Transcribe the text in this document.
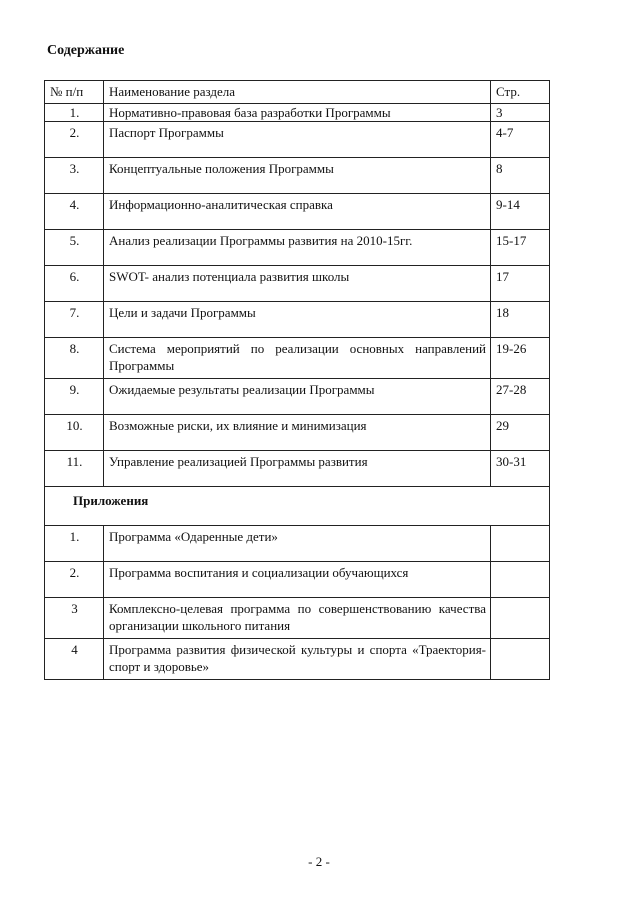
Содержание
№ п/п	Наименование раздела	Стр.
1.	Нормативно-правовая база разработки Программы	3
2.	Паспорт Программы	4-7
3.	Концептуальные положения Программы	8
4.	Информационно-аналитическая справка	9-14
5.	Анализ реализации Программы развития на 2010-15гг.	15-17
6.	SWOT- анализ потенциала развития школы	17
7.	Цели и задачи Программы	18
8.	Система мероприятий по реализации основных направлений Программы	19-26
9.	Ожидаемые результаты реализации Программы	27-28
10.	Возможные риски, их влияние и минимизация	29
11.	Управление реализацией Программы развития	30-31
Приложения		
1.	Программа «Одаренные дети»	
2.	Программа воспитания и социализации обучающихся	
3	Комплексно-целевая программа по совершенствованию качества организации школьного питания	
4	Программа развития физической культуры и спорта «Траектория-спорт и здоровье»	
- 2 -
